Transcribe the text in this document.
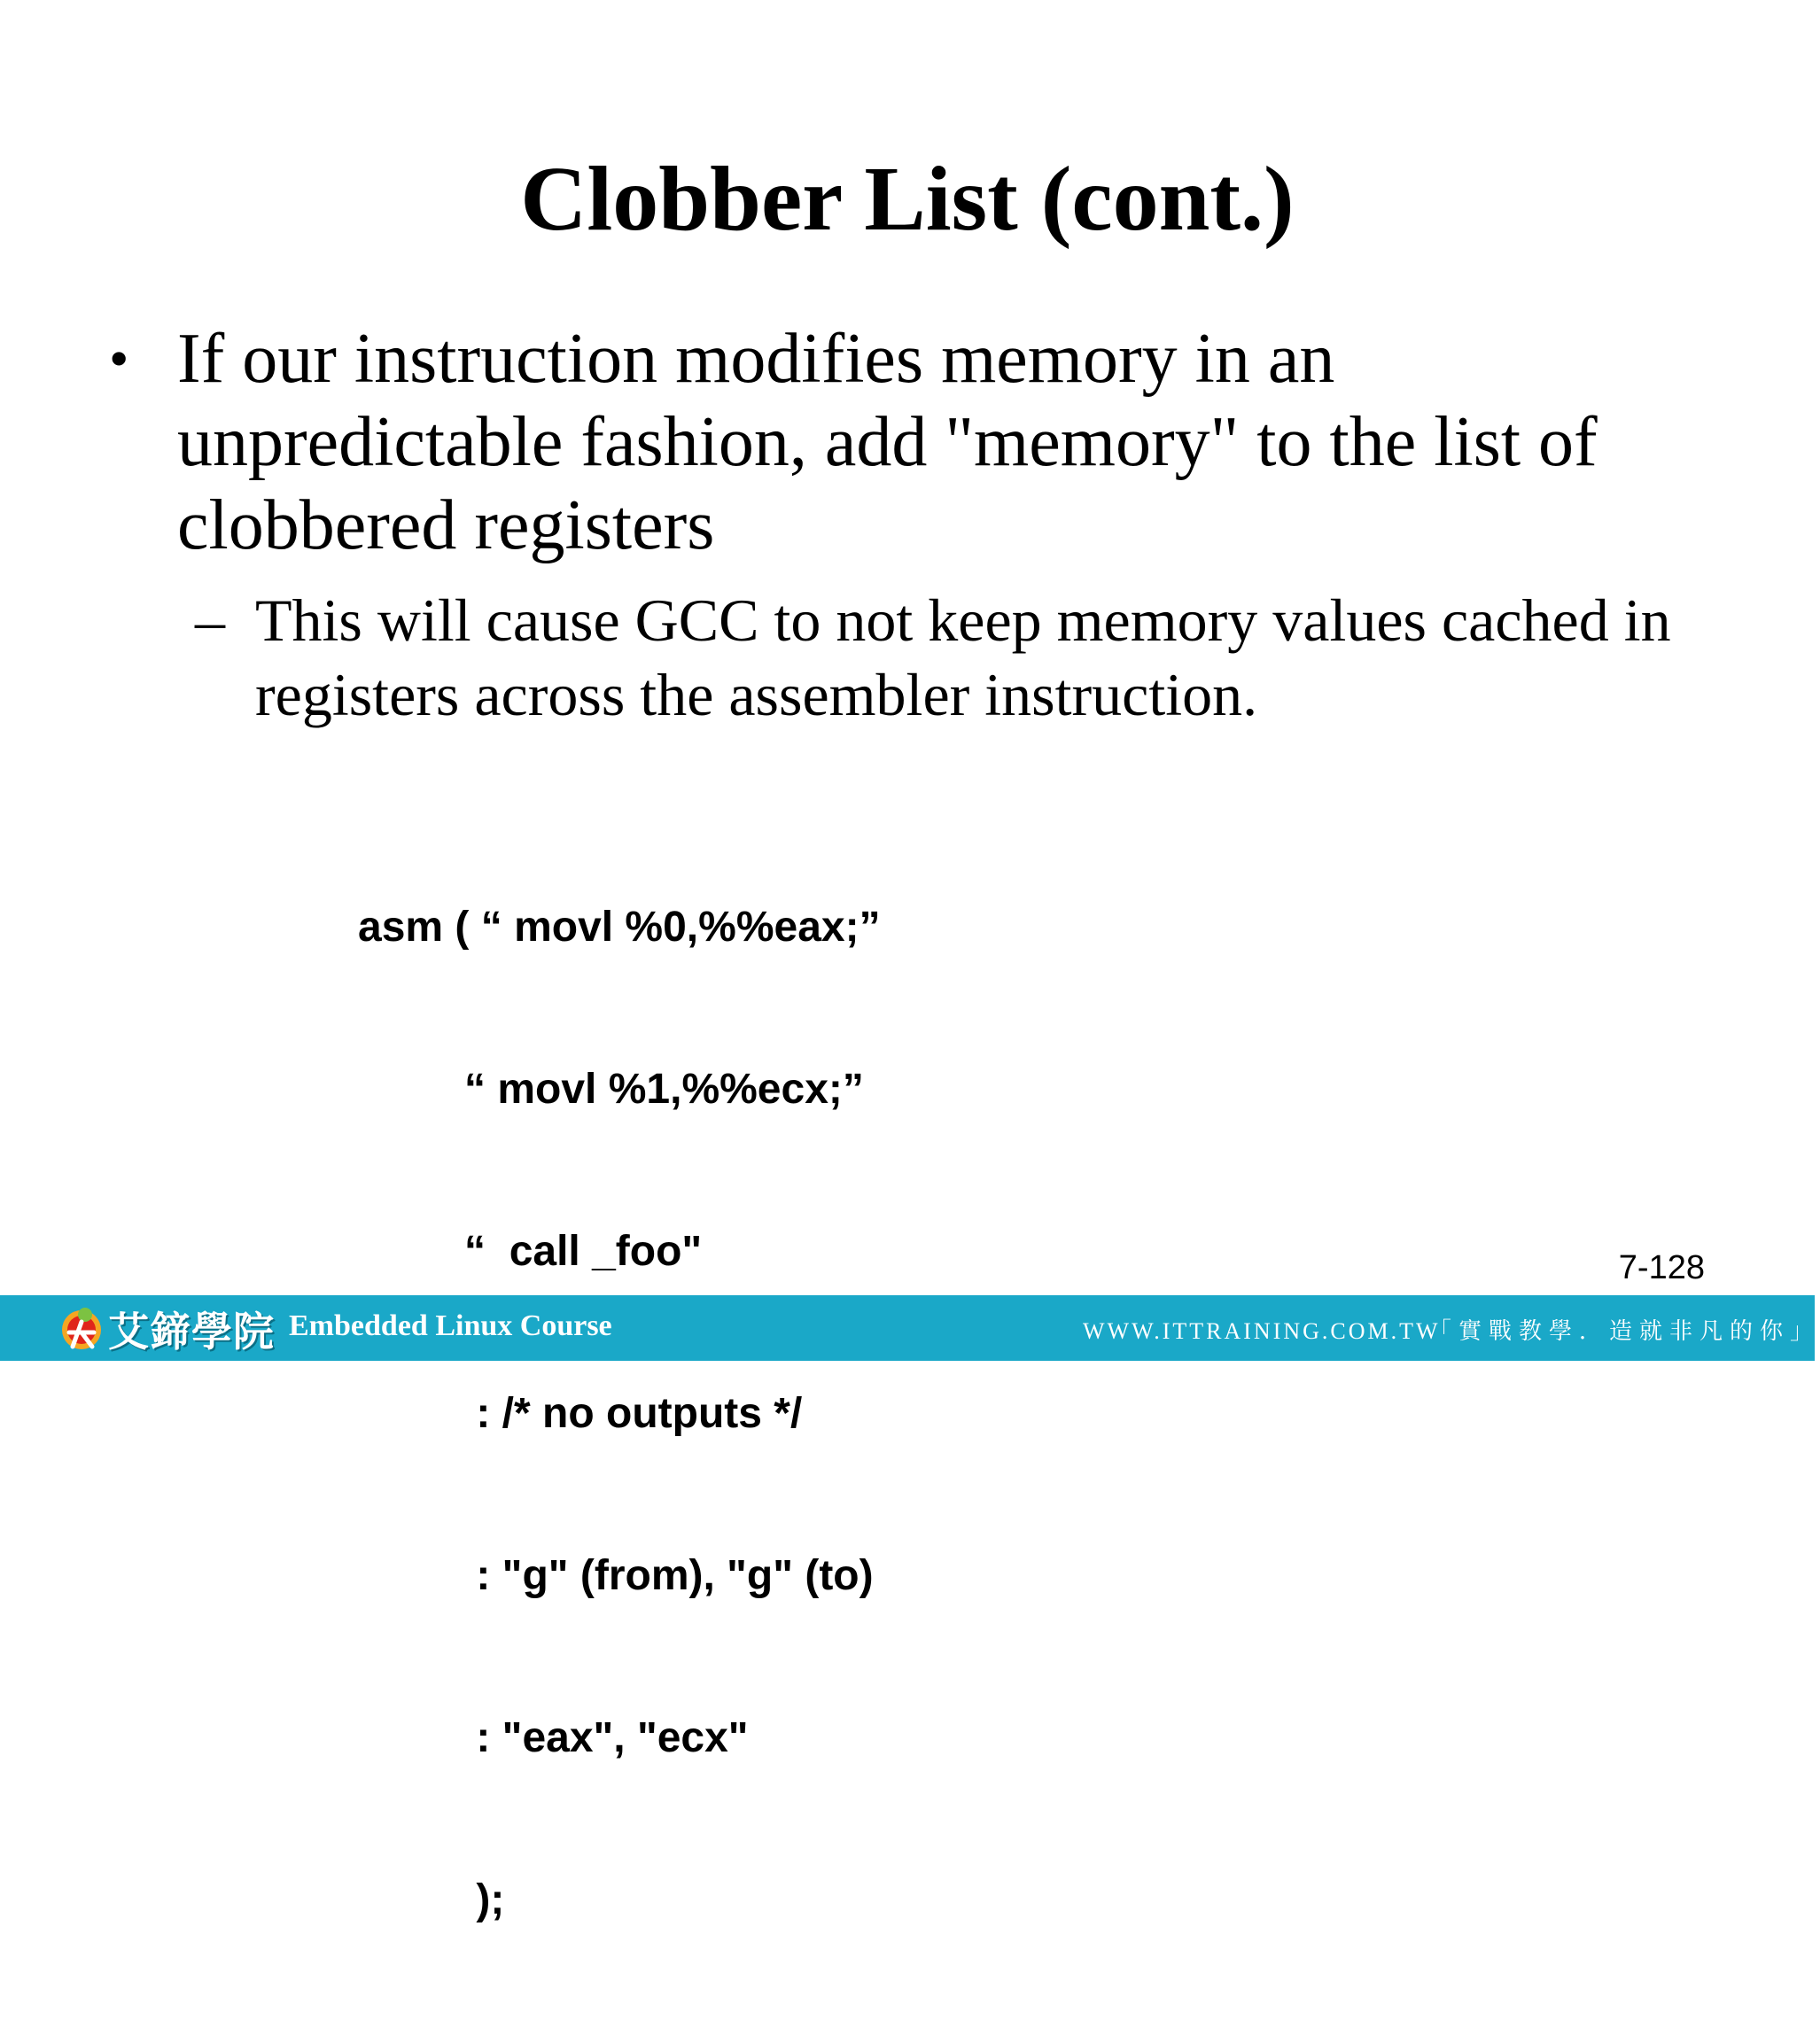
Clobber List (cont.)
• If our instruction modifies memory in an unpredictable fashion, add "memory" to the list of clobbered registers
– This will cause GCC to not keep memory values cached in registers across the assembler instruction.

asm ( “ movl %0,%%eax;”

“ movl %1,%%ecx;”

“  call _foo"

: /* no outputs */

: "g" (from), "g" (to)

: "eax", "ecx"

);

7-128
艾鍗學院 Embedded Linux Course	WWW.ITTRAINING.COM.TW
「實戰教學．造就非凡的你」
